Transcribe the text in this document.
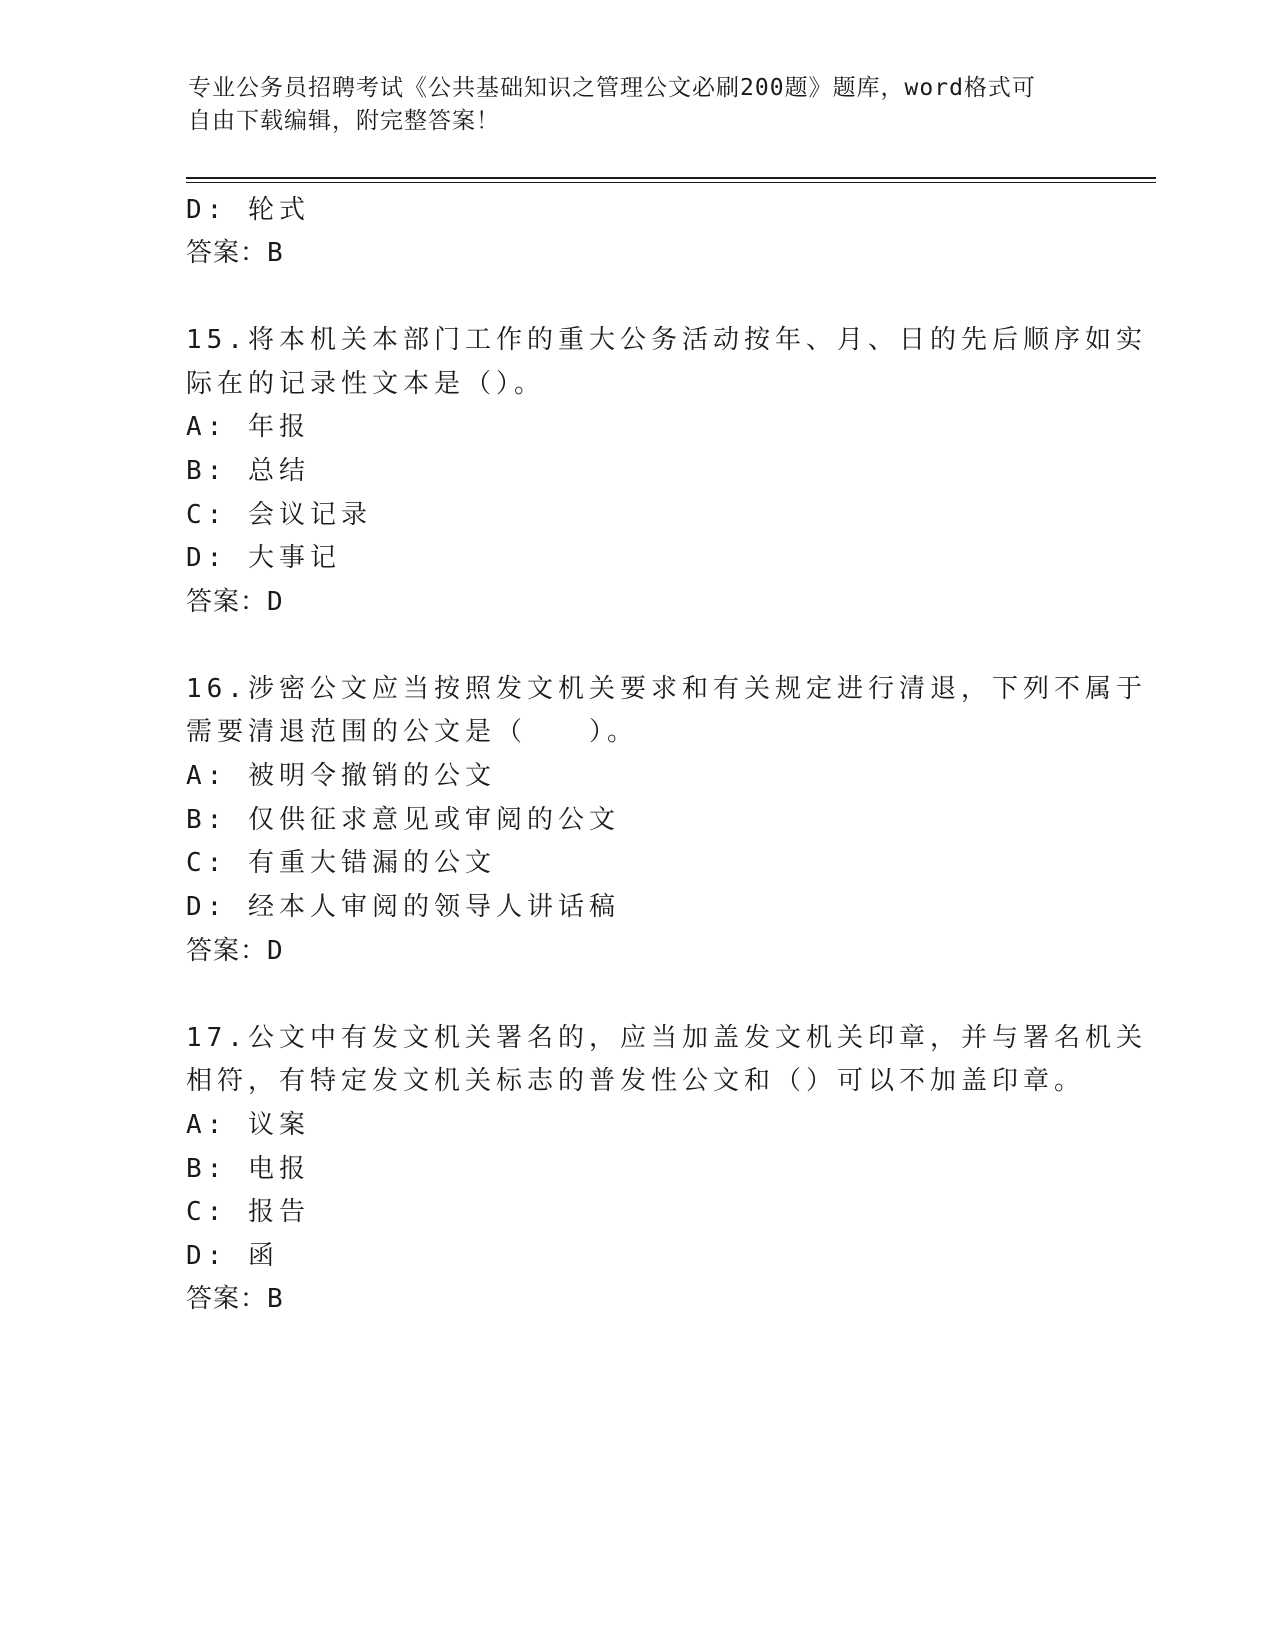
专业公务员招聘考试《公共基础知识之管理公文必刷200题》题库，word格式可
自由下载编辑，附完整答案！
D: 轮式
答案：B
15.将本机关本部门工作的重大公务活动按年、月、日的先后顺序如实
际在的记录性文本是（）。
A: 年报
B: 总结
C: 会议记录
D: 大事记
答案：D
16.涉密公文应当按照发文机关要求和有关规定进行清退，下列不属于
需要清退范围的公文是（　　）。
A: 被明令撤销的公文
B: 仅供征求意见或审阅的公文
C: 有重大错漏的公文
D: 经本人审阅的领导人讲话稿
答案：D
17.公文中有发文机关署名的，应当加盖发文机关印章，并与署名机关
相符，有特定发文机关标志的普发性公文和（）可以不加盖印章。
A: 议案
B: 电报
C: 报告
D: 函
答案：B
